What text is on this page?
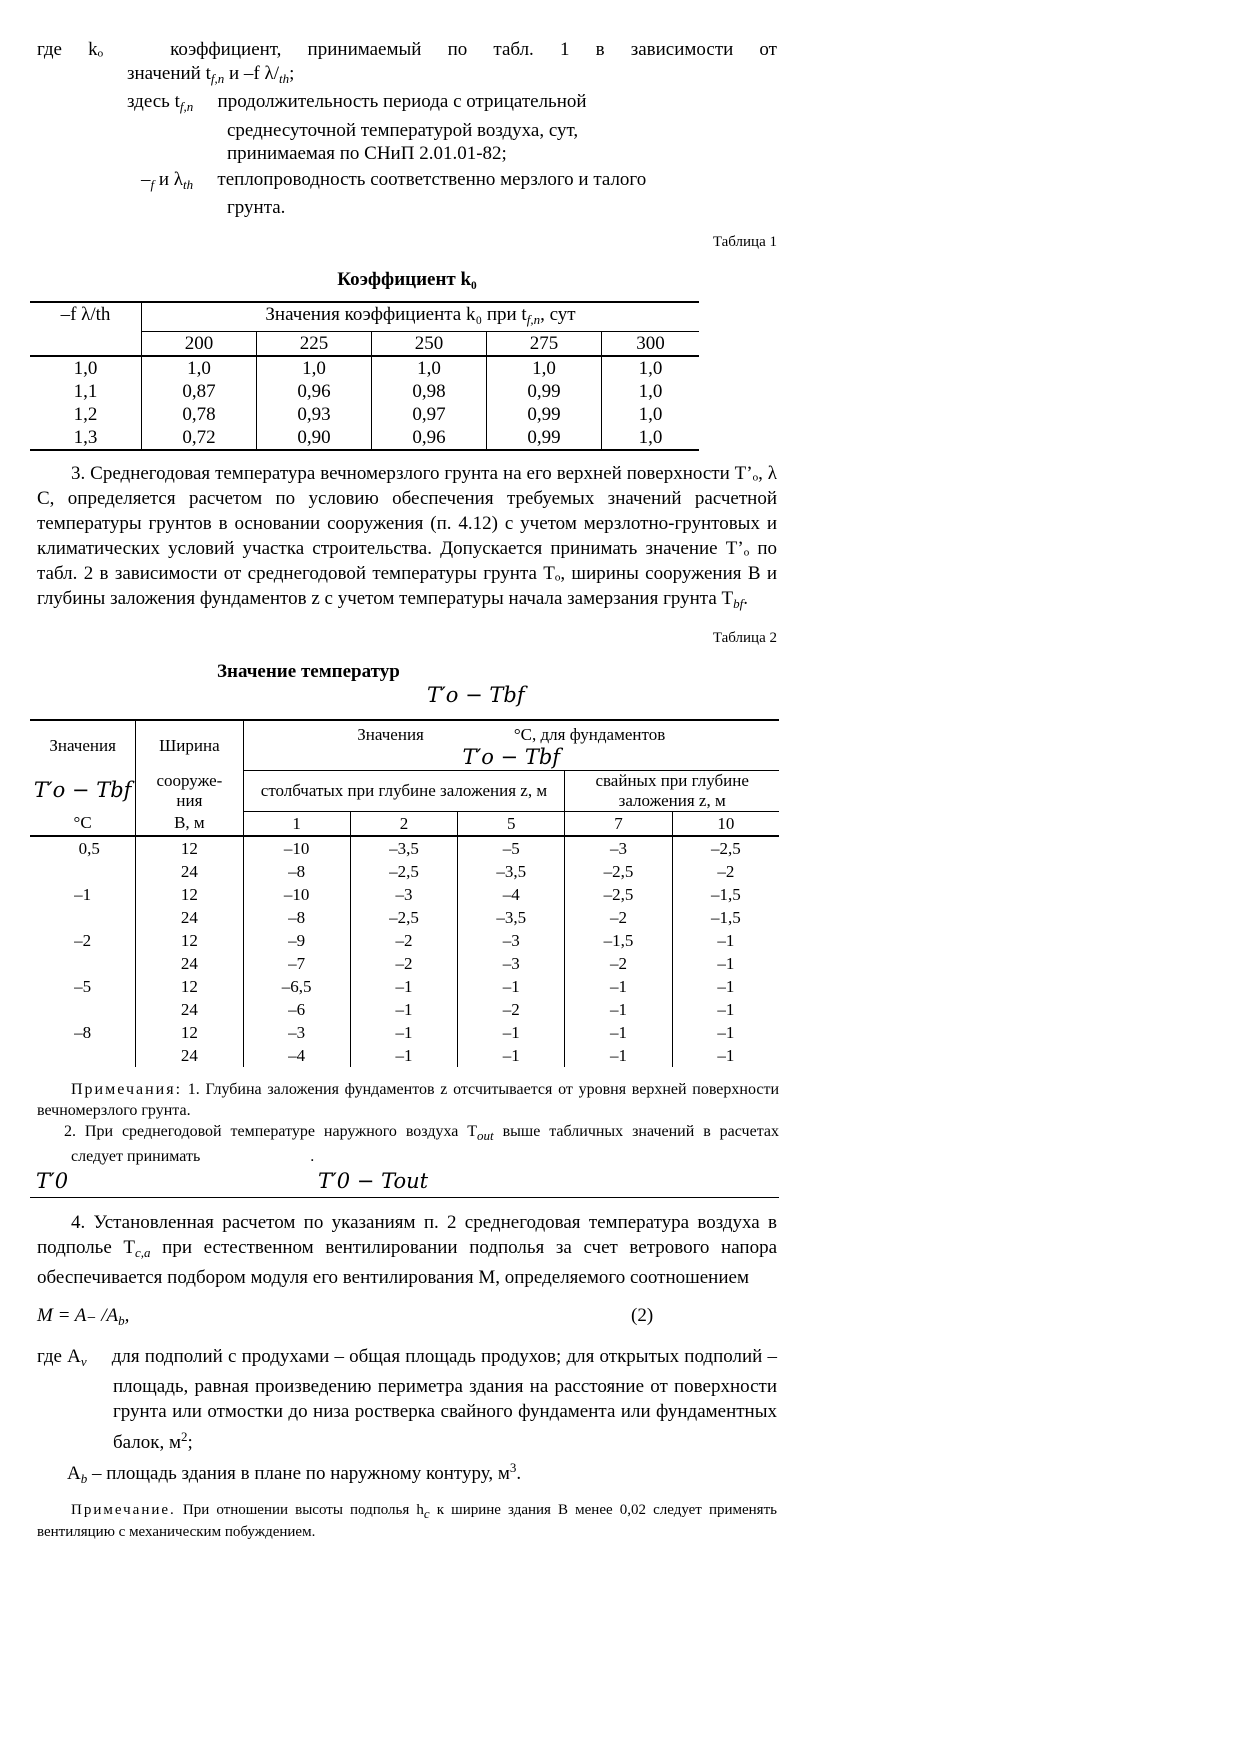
где kₒ коэффициент, принимаемый по табл. 1 в зависимости от

значений $t_{f,n}$ и ‒f $\lambda/_{th}$;

здесь $t_{f,n}$ продолжительность периода с отрицательной

среднесуточной температурой воздуха, сут,

принимаемая по СНиП 2.01.01-82;

$‒_f$ и $\lambda_{th}$ теплопроводность соответственно мерзлого и талого

грунта.

Таблица 1

Коэффициент k₀

‒f λ/th	Значения коэффициента k₀ при $t_{f,n}$, сут				
	200	225	250	275	300
1,0	1,0	1,0	1,0	1,0	1,0
1,1	0,87	0,96	0,98	0,99	1,0
1,2	0,78	0,93	0,97	0,99	1,0
1,3	0,72	0,90	0,96	0,99	1,0

3. Среднегодовая температура вечномерзлого грунта на его верхней поверхности T’ₒ, λ С, определяется расчетом по условию обеспечения требуемых значений расчетной температуры грунтов в основании сооружения (п. 4.12) с учетом мерзлотно-грунтовых и климатических условий участка строительства. Допускается принимать значение T’ₒ по табл. 2 в зависимости от среднегодовой температуры грунта Tₒ, ширины сооружения B и глубины заложения фундаментов z с учетом температуры начала замерзания грунта $T_{bf}$.

Таблица 2

Значение температур

T′o − Tbf

Значения	Ширина	Значения °С, для фундаментов
T′o − Tbf				
T′o − Tbf	сооруже-
ния	столбчатых при глубине заложения z, м			свайных при глубине заложения z, м	
°С	B, м	1	2	5	7	10
0,5	12	–10	–3,5	–5	–3	–2,5
	24	–8	–2,5	–3,5	–2,5	–2
–1	12	–10	–3	–4	–2,5	–1,5
	24	–8	–2,5	–3,5	–2	–1,5
–2	12	–9	–2	–3	–1,5	–1
	24	–7	–2	–3	–2	–1
–5	12	–6,5	–1	–1	–1	–1
	24	–6	–1	–2	–1	–1
–8	12	–3	–1	–1	–1	–1
	24	–4	–1	–1	–1	–1

Примечания: 1. Глубина заложения фундаментов z отсчитывается от уровня верхней поверхности вечномерзлого грунта.

2. При среднегодовой температуре наружного воздуха $T_{out}$ выше табличных значений в расчетах следует принимать	.

T′0	T′0 − Tout

4. Установленная расчетом по указаниям п. 2 среднегодовая температура воздуха в подполье $T_{c,a}$ при естественном вентилировании подполья за счет ветрового напора обеспечивается подбором модуля его вентилирования M, определяемого соотношением

M = A₋ $/A_b$,	(2)

где $A_v$ для подполий с продухами – общая площадь продухов; для открытых подполий – площадь, равная произведению периметра здания на расстояние от поверхности грунта или отмостки до низа ростверка свайного фундамента или фундаментных балок, $м^2$;

$A_b$ – площадь здания в плане по наружному контуру, $м^3$.

Примечание. При отношении высоты подполья hc к ширине здания B менее 0,02 следует применять вентиляцию с механическим побуждением.
